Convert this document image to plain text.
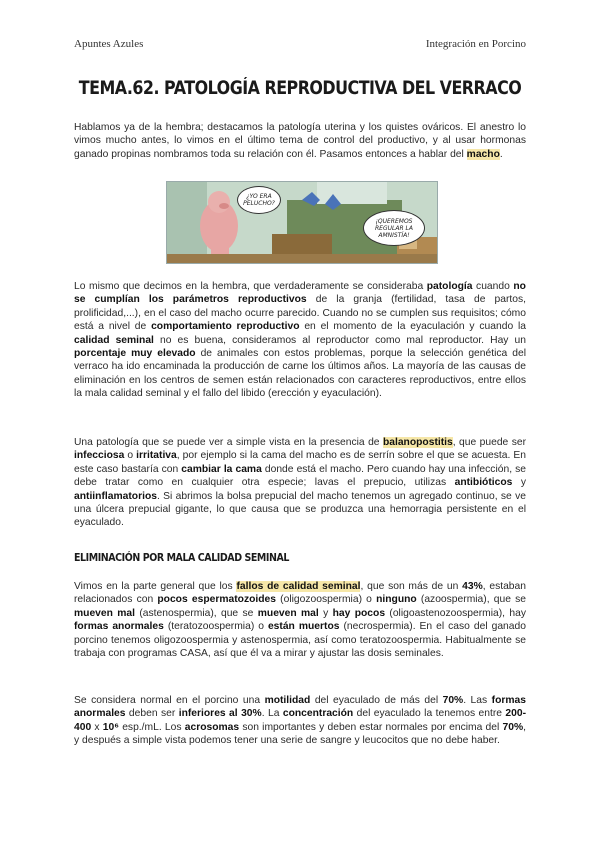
Apuntes Azules	Integración en Porcino
TEMA.62. PATOLOGÍA REPRODUCTIVA DEL VERRACO

Hablamos ya de la hembra; destacamos la patología uterina y los quistes ováricos. El anestro lo vimos mucho antes, lo vimos en el último tema de control del productivo, y al usar hormonas ganado propinas nombramos toda su relación con él. Pasamos entonces a hablar del macho.

¿YO ERA PELUCHO?
¡QUEREMOS REGULAR LA AMNISTÍA!

Lo mismo que decimos en la hembra, que verdaderamente se consideraba patología cuando no se cumplían los parámetros reproductivos de la granja (fertilidad, tasa de partos, prolificidad,...), en el caso del macho ocurre parecido. Cuando no se cumplen sus requisitos; cómo está a nivel de comportamiento reproductivo en el momento de la eyaculación y cuando la calidad seminal no es buena, consideramos al reproductor como mal reproductor. Hay un porcentaje muy elevado de animales con estos problemas, porque la selección genética del verraco ha ido encaminada la producción de carne los últimos años. La mayoría de las causas de eliminación en los centros de semen están relacionados con caracteres reproductivos, entre ellos la mala calidad seminal y el fallo del libido (erección y eyaculación).

Una patología que se puede ver a simple vista en la presencia de balanopostitis, que puede ser infecciosa o irritativa, por ejemplo si la cama del macho es de serrín sobre el que se acuesta. En este caso bastaría con cambiar la cama donde está el macho. Pero cuando hay una infección, se debe tratar como en cualquier otra especie; lavas el prepucio, utilizas antibióticos y antiinflamatorios. Si abrimos la bolsa prepucial del macho tenemos un agregado continuo, se ve una úlcera prepucial gigante, lo que causa que se produzca una hemorragia persistente en el eyaculado.

ELIMINACIÓN POR MALA CALIDAD SEMINAL

Vimos en la parte general que los fallos de calidad seminal, que son más de un 43%, estaban relacionados con pocos espermatozoides (oligozoospermia) o ninguno (azoospermia), que se mueven mal (astenospermia), que se mueven mal y hay pocos (oligoastenozoospermia), hay formas anormales (teratozoospermia) o están muertos (necrospermia). En el caso del ganado porcino tenemos oligozoospermia y astenospermia, así como teratozoospermia. Habitualmente se trabaja con programas CASA, así que él va a mirar y ajustar las dosis seminales.

Se considera normal en el porcino una motilidad del eyaculado de más del 70%. Las formas anormales deben ser inferiores al 30%. La concentración del eyaculado la tenemos entre 200-400 x 10⁶ esp./mL. Los acrosomas son importantes y deben estar normales por encima del 70%, y después a simple vista podemos tener una serie de sangre y leucocitos que no debe haber.
